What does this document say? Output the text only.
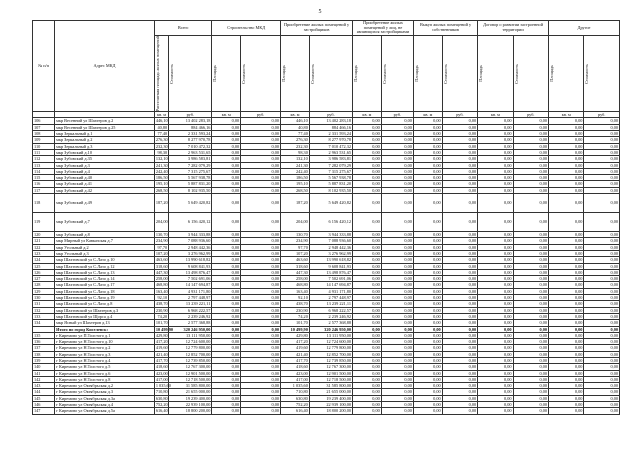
5
№ п/п	Адрес МКД	Всего		Строительство МКД		Приобретение жилых помещений у застройщиков		Приобретение жилых помещений у лиц, не являющихся застройщиками		Выкуп жилых помещений у собственников		Договор о развитии застроенной территории		Другое	

		Расселяемая площадь жилых помещений	Стоимость	Площадь	Стоимость	Площадь	Стоимость	Площадь	Стоимость	Площадь	Стоимость	Площадь	Стоимость	Площадь	Стоимость

		кв. м	руб.	кв. м	руб.	кв. м	руб.	кв. м	руб.	кв. м	руб.	кв. м	руб.	кв. м	руб.
106	мкр Весенний ул Шахтеров д.2	446,10	13 402 283,18	0,00	0,00	446,10	13 402 283,18	0,00	0,00	0,00	0,00	0,00	0,00	0,00	0,00
107	мкр Весенний ул Шахтеров д.25	40,80	884 466,16	0,00	0,00	40,80	884 466,16	0,00	0,00	0,00	0,00	0,00	0,00	0,00	0,00
108	мкр Зеркальный д.1	77,40	2 331 593,24	0,00	0,00	77,40	2 331 593,24	0,00	0,00	0,00	0,00	0,00	0,00	0,00	0,00
109	мкр Зеркальный д.2	276,30	8 277 970,78	0,00	0,00	276,30	8 277 970,78	0,00	0,00	0,00	0,00	0,00	0,00	0,00	0,00
110	мкр Зеркальный д.3	232,30	7 010 472,32	0,00	0,00	232,30	7 010 472,32	0,00	0,00	0,00	0,00	0,00	0,00	0,00	0,00
111	мкр Зубовский д.10	98,30	2 963 531,65	0,00	0,00	98,30	2 963 531,65	0,00	0,00	0,00	0,00	0,00	0,00	0,00	0,00
112	мкр Зубовский д.35	132,10	3 986 583,81	0,00	0,00	132,10	3 986 583,81	0,00	0,00	0,00	0,00	0,00	0,00	0,00	0,00
113	мкр Зубовский д.3	241,30	7 282 079,29	0,00	0,00	241,30	7 282 079,29	0,00	0,00	0,00	0,00	0,00	0,00	0,00	0,00
114	мкр Зубовский д.4	242,40	7 315 275,67	0,00	0,00	242,40	7 315 275,67	0,00	0,00	0,00	0,00	0,00	0,00	0,00	0,00
115	мкр Зубовский д.40	186,50	5 567 938,78	0,00	0,00	186,50	5 567 938,78	0,00	0,00	0,00	0,00	0,00	0,00	0,00	0,00
116	мкр Зубовский д.41	195,10	5 887 831,20	0,00	0,00	195,10	5 887 831,20	0,00	0,00	0,00	0,00	0,00	0,00	0,00	0,00
117	мкр Зубовский д.42	268,50	8 102 935,50	0,00	0,00	268,50	8 102 935,50	0,00	0,00	0,00	0,00	0,00	0,00	0,00	0,00
118	мкр Зубовский д.49	187,20	5 649 420,82	0,00	0,00	187,20	5 649 420,82	0,00	0,00	0,00	0,00	0,00	0,00	0,00	0,00
119	мкр Зубовский д.7	204,00	6 156 420,12	0,00	0,00	204,00	6 156 420,12	0,00	0,00	0,00	0,00	0,00	0,00	0,00	0,00
120	мкр Зубовский д.8	130,70	3 944 333,88	0,00	0,00	130,70	3 944 333,88	0,00	0,00	0,00	0,00	0,00	0,00	0,00	0,00
121	мкр Мирный ул Кавказская д.7	234,90	7 088 936,60	0,00	0,00	234,90	7 088 936,60	0,00	0,00	0,00	0,00	0,00	0,00	0,00	0,00
122	мкр Угольный д.2	97,70	2 948 442,36	0,00	0,00	97,70	2 948 442,36	0,00	0,00	0,00	0,00	0,00	0,00	0,00	0,00
123	мкр Угольный д.3	107,20	3 276 962,99	0,00	0,00	107,20	3 276 962,99	0,00	0,00	0,00	0,00	0,00	0,00	0,00	0,00
124	мкр Шахтовский ул С.Лазо д.10	463,60	13 990 618,82	0,00	0,00	463,60	13 990 618,82	0,00	0,00	0,00	0,00	0,00	0,00	0,00	0,00
125	мкр Шахтовский ул С.Лазо д.12	318,60	9 608 841,93	0,00	0,00	318,60	9 608 841,93	0,00	0,00	0,00	0,00	0,00	0,00	0,00	0,00
126	мкр Шахтовский ул С.Лазо д.13	447,30	13 498 876,47	0,00	0,00	447,30	13 498 876,47	0,00	0,00	0,00	0,00	0,00	0,00	0,00	0,00
127	мкр Шахтовский ул С.Лазо д.14	258,00	7 502 691,06	0,00	0,00	258,00	7 502 691,06	0,00	0,00	0,00	0,00	0,00	0,00	0,00	0,00
128	мкр Шахтовский ул С.Лазо д.17	468,80	14 147 694,87	0,00	0,00	468,80	14 147 694,87	0,00	0,00	0,00	0,00	0,00	0,00	0,00	0,00
129	мкр Шахтовский ул С.Лазо д.18	163,40	4 931 171,80	0,00	0,00	163,40	4 931 171,80	0,00	0,00	0,00	0,00	0,00	0,00	0,00	0,00
130	мкр Шахтовский ул С.Лазо д.19	92,10	2 797 448,97	0,00	0,00	92,10	2 797 448,97	0,00	0,00	0,00	0,00	0,00	0,00	0,00	0,00
131	мкр Шахтовский ул С.Лазо д.8	438,70	13 239 221,11	0,00	0,00	438,70	13 239 221,11	0,00	0,00	0,00	0,00	0,00	0,00	0,00	0,00
132	мкр Шахтовский ул Шахтеров д.3	230,90	6 968 222,57	0,00	0,00	230,90	6 968 222,57	0,00	0,00	0,00	0,00	0,00	0,00	0,00	0,00
133	мкр Шахтовский ул Щорса д.4	74,20	2 239 246,92	0,00	0,00	74,20	2 239 246,92	0,00	0,00	0,00	0,00	0,00	0,00	0,00	0,00
134	мкр Ясный ул Шахтеров д.13	101,70	2 577 368,88	0,00	0,00	101,70	2 577 368,88	0,00	0,00	0,00	0,00	0,00	0,00	0,00	0,00
	Итого по город Киселевск:	10 499,90	320 246 950,00	0,00	0,00	10 499,90	320 246 950,00	0,00	0,00	0,00	0,00	0,00	0,00	0,00	0,00
135	г Киремово ул П.Толстого д.1	429,80	13 111 950,00	0,00	0,00	429,80	13 111 950,00	0,00	0,00	0,00	0,00	0,00	0,00	0,00	0,00
136	г Киремово ул Н.Толстого д.10	417,20	12 724 600,00	0,00	0,00	417,20	12 724 600,00	0,00	0,00	0,00	0,00	0,00	0,00	0,00	0,00
137	г Киремово ул Н.Толстого д.2	419,60	12 779 800,00	0,00	0,00	419,60	12 779 800,00	0,00	0,00	0,00	0,00	0,00	0,00	0,00	0,00
138	г Киремово ул Н.Толстого д.3	421,40	12 852 700,00	0,00	0,00	421,40	12 852 700,00	0,00	0,00	0,00	0,00	0,00	0,00	0,00	0,00
139	г Киремово ул Н.Толстого д.4	417,70	12 739 850,00	0,00	0,00	417,70	12 739 850,00	0,00	0,00	0,00	0,00	0,00	0,00	0,00	0,00
140	г Киремово ул Н.Толстого д.5	418,60	12 767 300,00	0,00	0,00	418,60	12 767 300,00	0,00	0,00	0,00	0,00	0,00	0,00	0,00	0,00
141	г Киремово ул Н.Толстого д.6	423,00	12 901 500,00	0,00	0,00	423,00	12 901 500,00	0,00	0,00	0,00	0,00	0,00	0,00	0,00	0,00
142	г Киремово ул Н.Толстого д.8	417,00	12 718 500,00	0,00	0,00	417,00	12 718 500,00	0,00	0,00	0,00	0,00	0,00	0,00	0,00	0,00
143	г Киремово ул Октябрьская д.2	1 035,60	31 585 800,00	0,00	0,00	1 035,60	31 585 800,00	0,00	0,00	0,00	0,00	0,00	0,00	0,00	0,00
144	г Киремово ул Октябрьская д.3	710,80	21 655 000,00	0,00	0,00	710,80	21 655 000,00	0,00	0,00	0,00	0,00	0,00	0,00	0,00	0,00
145	г Киремово ул Октябрьская д.3а	630,80	19 239 400,00	0,00	0,00	630,80	19 239 400,00	0,00	0,00	0,00	0,00	0,00	0,00	0,00	0,00
146	г Киремово ул Октябрьская д.4	752,20	22 939 100,00	0,00	0,00	752,20	22 939 100,00	0,00	0,00	0,00	0,00	0,00	0,00	0,00	0,00
147	г Киремово ул Октябрьская д.5а	616,40	18 800 200,00	0,00	0,00	616,40	18 800 200,00	0,00	0,00	0,00	0,00	0,00	0,00	0,00	0,00
